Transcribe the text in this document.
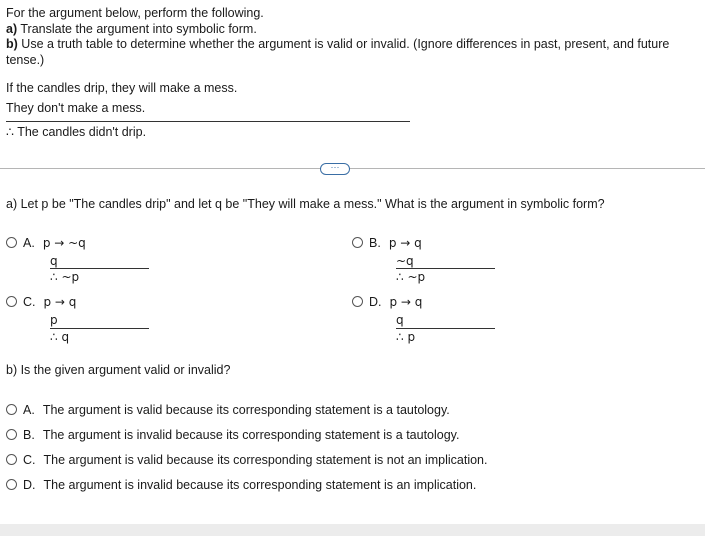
For the argument below, perform the following.
a) Translate the argument into symbolic form.
b) Use a truth table to determine whether the argument is valid or invalid. (Ignore differences in past, present, and future tense.)
If the candles drip, they will make a mess.
They don't make a mess.
∴ The candles didn't drip.
···
a) Let p be "The candles drip" and let q be "They will make a mess." What is the argument in symbolic form?
A. p → ~q
q
∴ ~p
B. p → q
~q
∴ ~p
C. p → q
p
∴ q
D. p → q
q
∴ p
b) Is the given argument valid or invalid?
A. The argument is valid because its corresponding statement is a tautology.
B. The argument is invalid because its corresponding statement is a tautology.
C. The argument is valid because its corresponding statement is not an implication.
D. The argument is invalid because its corresponding statement is an implication.
